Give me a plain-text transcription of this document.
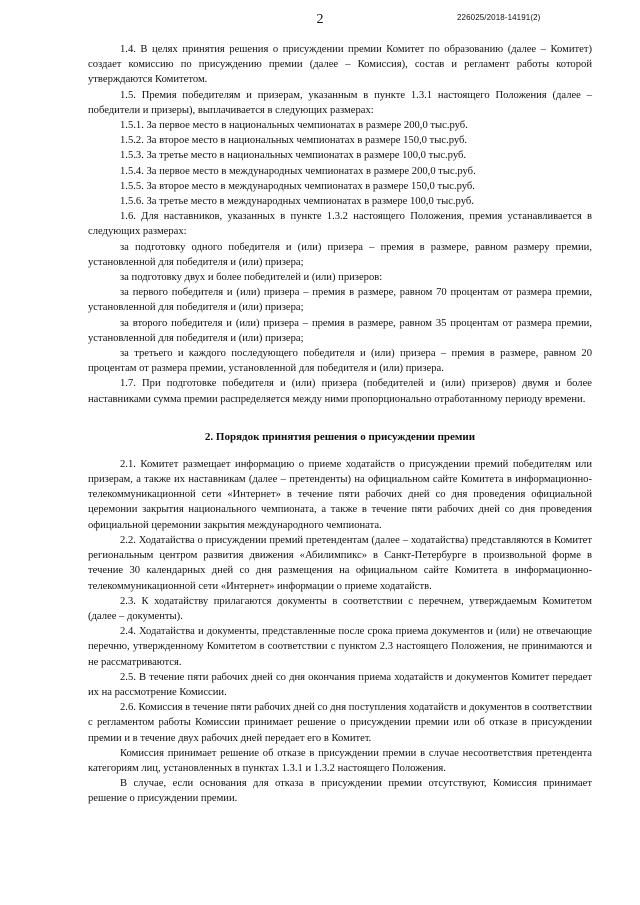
2	226025/2018-14191(2)

1.4. В целях принятия решения о присуждении премии Комитет по образованию (далее – Комитет) создает комиссию по присуждению премии (далее – Комиссия), состав и регламент работы которой утверждаются Комитетом.

1.5. Премия победителям и призерам, указанным в пункте 1.3.1 настоящего Положения (далее – победители и призеры), выплачивается в следующих размерах:

1.5.1. За первое место в национальных чемпионатах в размере 200,0 тыс.руб.

1.5.2. За второе место в национальных чемпионатах в размере 150,0 тыс.руб.

1.5.3. За третье место в национальных чемпионатах в размере 100,0 тыс.руб.

1.5.4. За первое место в международных чемпионатах в размере 200,0 тыс.руб.

1.5.5. За второе место в международных чемпионатах в размере 150,0 тыс.руб.

1.5.6. За третье место в международных чемпионатах в размере 100,0 тыс.руб.

1.6. Для наставников, указанных в пункте 1.3.2 настоящего Положения, премия устанавливается в следующих размерах:

за подготовку одного победителя и (или) призера – премия в размере, равном размеру премии, установленной для победителя и (или) призера;

за подготовку двух и более победителей и (или) призеров:

за первого победителя и (или) призера – премия в размере, равном 70 процентам от размера премии, установленной для победителя и (или) призера;

за второго победителя и (или) призера – премия в размере, равном 35 процентам от размера премии, установленной для победителя и (или) призера;

за третьего и каждого последующего победителя и (или) призера – премия в размере, равном 20 процентам от размера премии, установленной для победителя и (или) призера.

1.7. При подготовке победителя и (или) призера (победителей и (или) призеров) двумя и более наставниками сумма премии распределяется между ними пропорционально отработанному периоду времени.

2. Порядок принятия решения о присуждении премии

2.1. Комитет размещает информацию о приеме ходатайств о присуждении премий победителям или призерам, а также их наставникам (далее – претенденты) на официальном сайте Комитета в информационно-телекоммуникационной сети «Интернет» в течение пяти рабочих дней со дня проведения официальной церемонии закрытия национального чемпионата, а также в течение пяти рабочих дней со дня проведения официальной церемонии закрытия международного чемпионата.

2.2. Ходатайства о присуждении премий претендентам (далее – ходатайства) представляются в Комитет региональным центром развития движения «Абилимпикс» в Санкт-Петербурге в произвольной форме в течение 30 календарных дней со дня размещения на официальном сайте Комитета в информационно-телекоммуникационной сети «Интернет» информации о приеме ходатайств.

2.3. К ходатайству прилагаются документы в соответствии с перечнем, утверждаемым Комитетом (далее – документы).

2.4. Ходатайства и документы, представленные после срока приема документов и (или) не отвечающие перечню, утвержденному Комитетом в соответствии с пунктом 2.3 настоящего Положения, не принимаются и не рассматриваются.

2.5. В течение пяти рабочих дней со дня окончания приема ходатайств и документов Комитет передает их на рассмотрение Комиссии.

2.6. Комиссия в течение пяти рабочих дней со дня поступления ходатайств и документов в соответствии с регламентом работы Комиссии принимает решение о присуждении премии или об отказе в присуждении премии и в течение двух рабочих дней передает его в Комитет.

Комиссия принимает решение об отказе в присуждении премии в случае несоответствия претендента категориям лиц, установленных в пунктах 1.3.1 и 1.3.2 настоящего Положения.

В случае, если основания для отказа в присуждении премии отсутствуют, Комиссия принимает решение о присуждении премии.
